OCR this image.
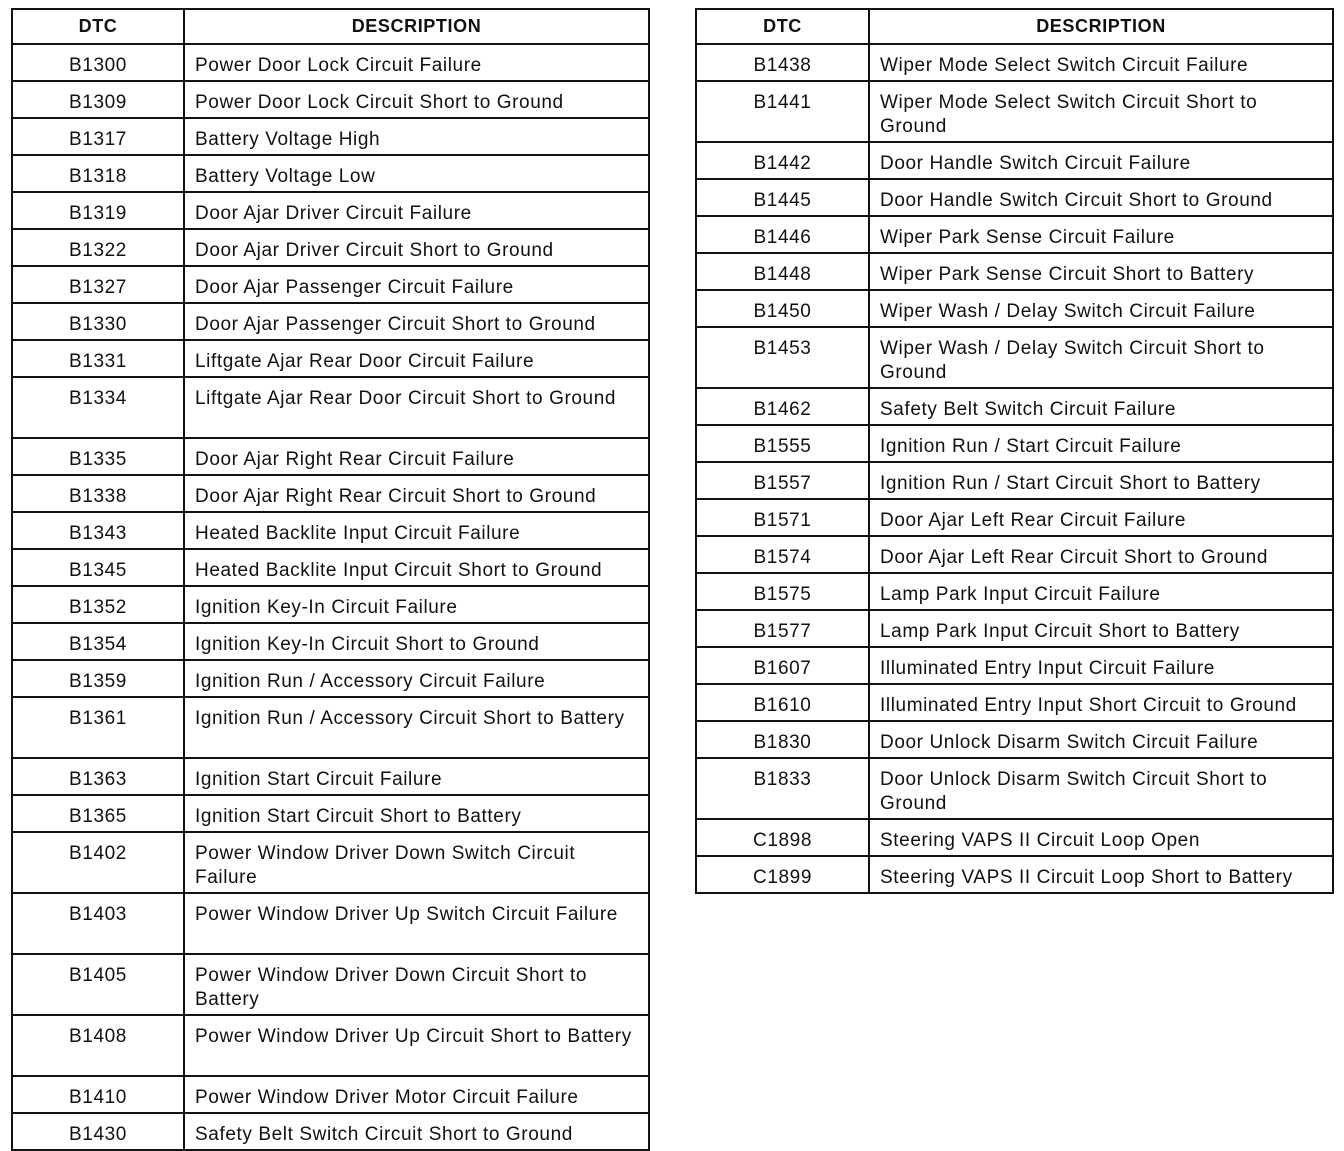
DTC	DESCRIPTION
B1300	Power Door Lock Circuit Failure
B1309	Power Door Lock Circuit Short to Ground
B1317	Battery Voltage High
B1318	Battery Voltage Low
B1319	Door Ajar Driver Circuit Failure
B1322	Door Ajar Driver Circuit Short to Ground
B1327	Door Ajar Passenger Circuit Failure
B1330	Door Ajar Passenger Circuit Short to Ground
B1331	Liftgate Ajar Rear Door Circuit Failure
B1334	Liftgate Ajar Rear Door Circuit Short to Ground
B1335	Door Ajar Right Rear Circuit Failure
B1338	Door Ajar Right Rear Circuit Short to Ground
B1343	Heated Backlite Input Circuit Failure
B1345	Heated Backlite Input Circuit Short to Ground
B1352	Ignition Key-In Circuit Failure
B1354	Ignition Key-In Circuit Short to Ground
B1359	Ignition Run / Accessory Circuit Failure
B1361	Ignition Run / Accessory Circuit Short to Battery
B1363	Ignition Start Circuit Failure
B1365	Ignition Start Circuit Short to Battery
B1402	Power Window Driver Down Switch Circuit Failure
B1403	Power Window Driver Up Switch Circuit Failure
B1405	Power Window Driver Down Circuit Short to Battery
B1408	Power Window Driver Up Circuit Short to Battery
B1410	Power Window Driver Motor Circuit Failure
B1430	Safety Belt Switch Circuit Short to Ground
DTC	DESCRIPTION
B1438	Wiper Mode Select Switch Circuit Failure
B1441	Wiper Mode Select Switch Circuit Short to Ground
B1442	Door Handle Switch Circuit Failure
B1445	Door Handle Switch Circuit Short to Ground
B1446	Wiper Park Sense Circuit Failure
B1448	Wiper Park Sense Circuit Short to Battery
B1450	Wiper Wash / Delay Switch Circuit Failure
B1453	Wiper Wash / Delay Switch Circuit Short to Ground
B1462	Safety Belt Switch Circuit Failure
B1555	Ignition Run / Start Circuit Failure
B1557	Ignition Run / Start Circuit Short to Battery
B1571	Door Ajar Left Rear Circuit Failure
B1574	Door Ajar Left Rear Circuit Short to Ground
B1575	Lamp Park Input Circuit Failure
B1577	Lamp Park Input Circuit Short to Battery
B1607	Illuminated Entry Input Circuit Failure
B1610	Illuminated Entry Input Short Circuit to Ground
B1830	Door Unlock Disarm Switch Circuit Failure
B1833	Door Unlock Disarm Switch Circuit Short to Ground
C1898	Steering VAPS II Circuit Loop Open
C1899	Steering VAPS II Circuit Loop Short to Battery
